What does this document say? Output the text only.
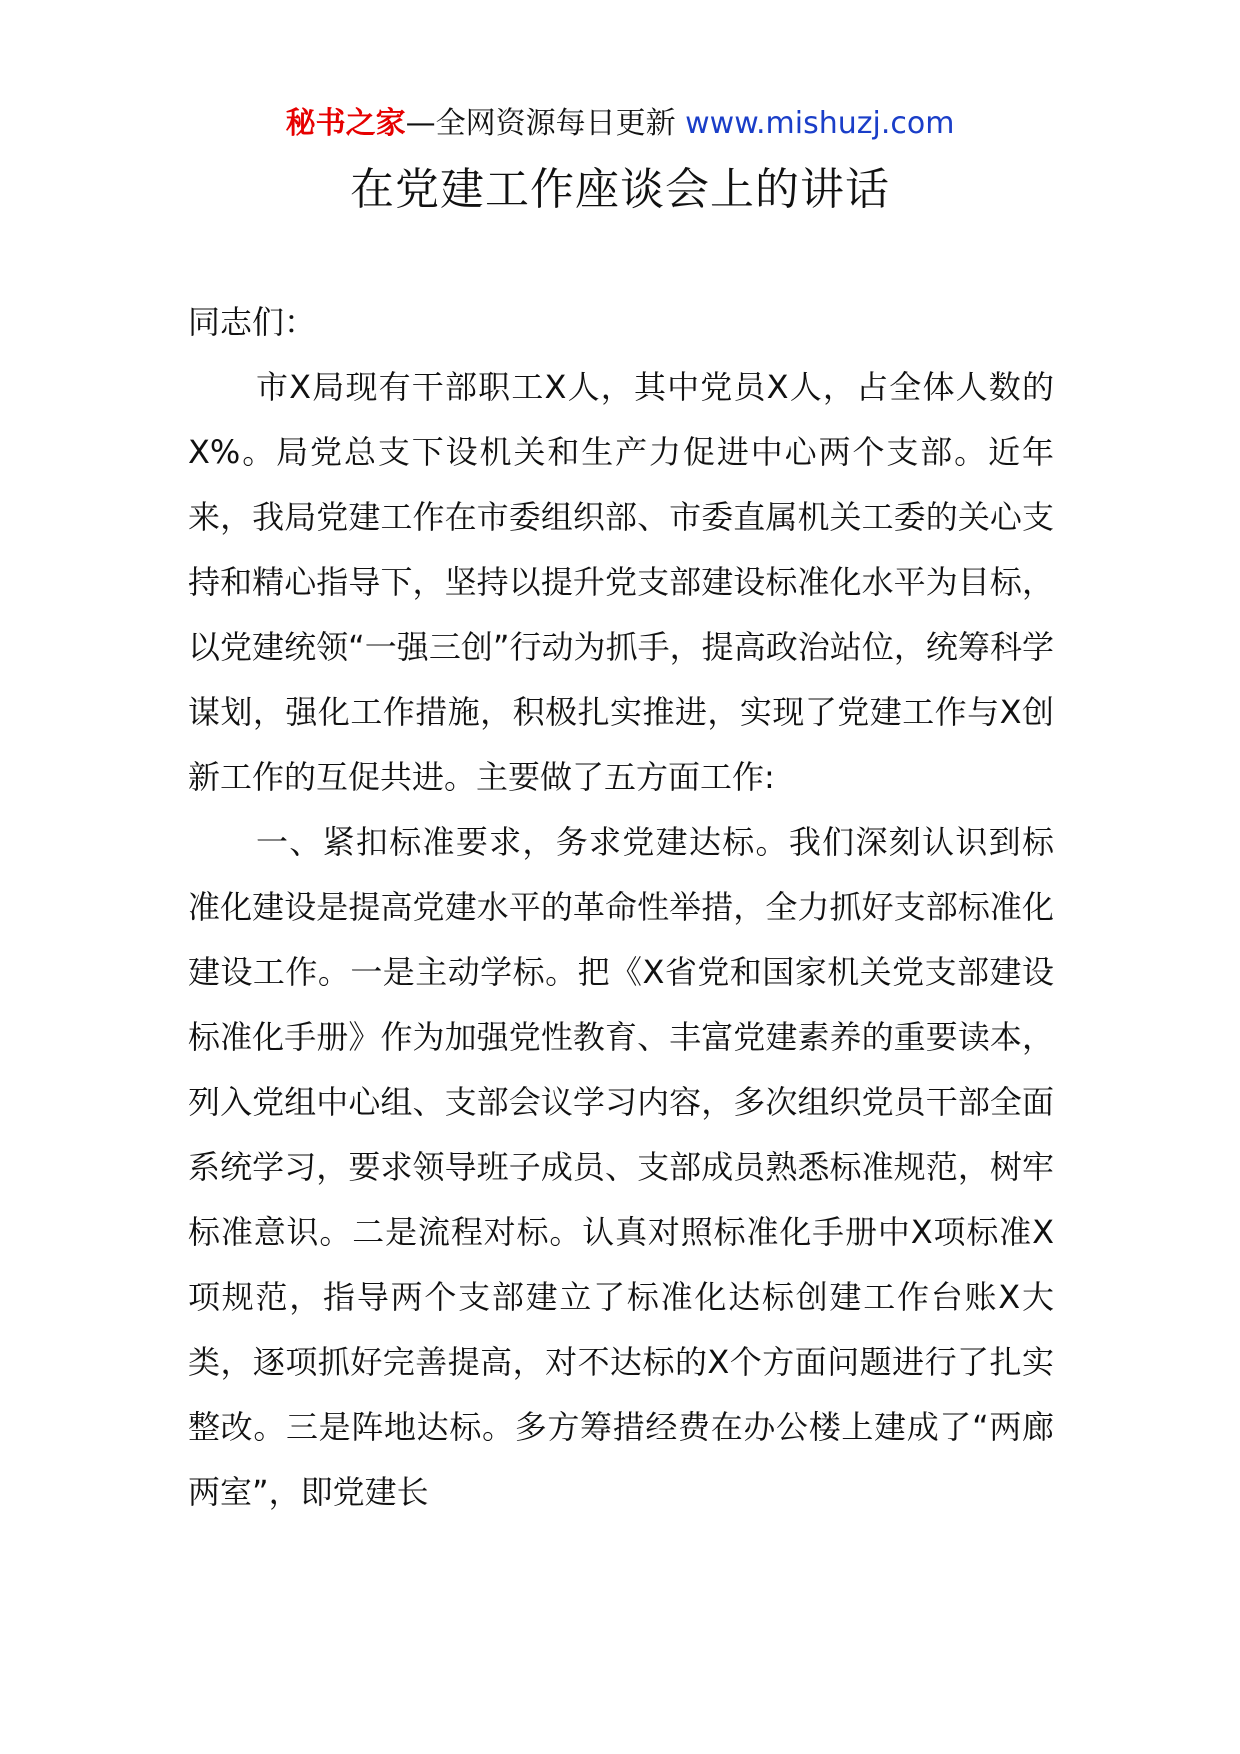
秘书之家—全网资源每日更新 www.mishuzj.com
在党建工作座谈会上的讲话

同志们：

市X局现有干部职工X人，其中党员X人，占全体人数的X%。局党总支下设机关和生产力促进中心两个支部。近年来，我局党建工作在市委组织部、市委直属机关工委的关心支持和精心指导下，坚持以提升党支部建设标准化水平为目标，以党建统领“一强三创”行动为抓手，提高政治站位，统筹科学谋划，强化工作措施，积极扎实推进，实现了党建工作与X创新工作的互促共进。主要做了五方面工作:

一、紧扣标准要求，务求党建达标。我们深刻认识到标准化建设是提高党建水平的革命性举措，全力抓好支部标准化建设工作。一是主动学标。把《X省党和国家机关党支部建设标准化手册》作为加强党性教育、丰富党建素养的重要读本，列入党组中心组、支部会议学习内容，多次组织党员干部全面系统学习，要求领导班子成员、支部成员熟悉标准规范，树牢标准意识。二是流程对标。认真对照标准化手册中X项标准X项规范，指导两个支部建立了标准化达标创建工作台账X大类，逐项抓好完善提高，对不达标的X个方面问题进行了扎实整改。三是阵地达标。多方筹措经费在办公楼上建成了“两廊两室”，即党建长
